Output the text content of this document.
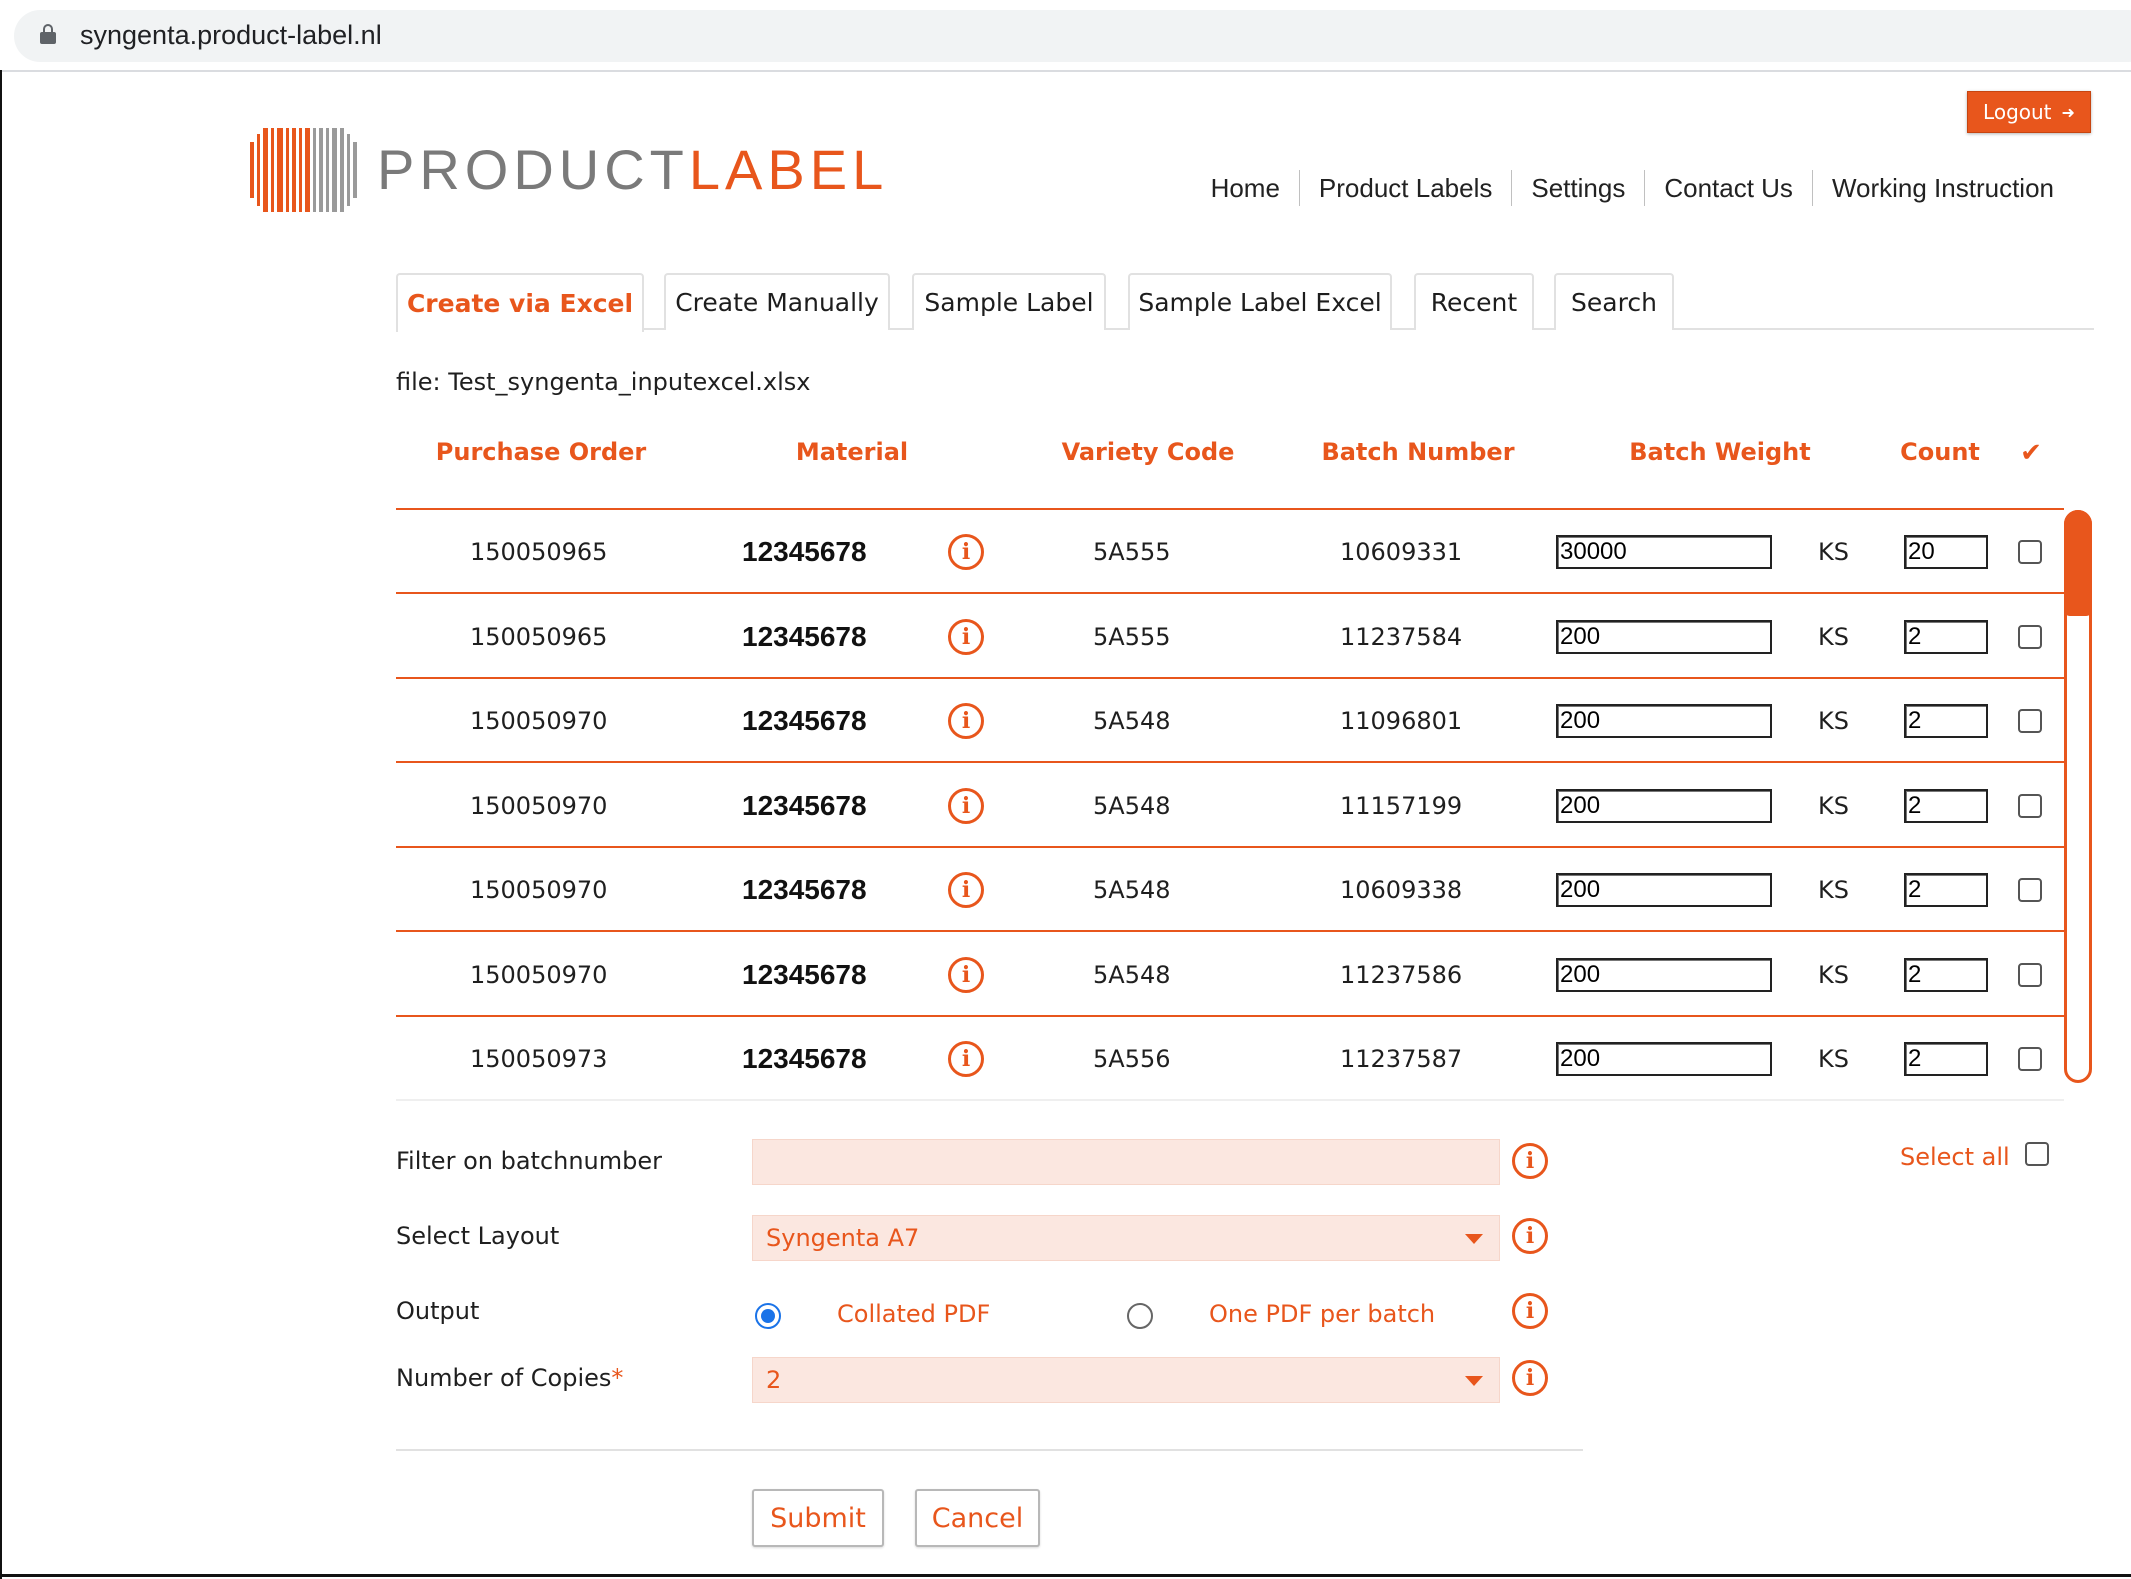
syngenta.product-label.nl
Logout ➜
PRODUCTLABEL	Home	Product Labels	Settings	Contact Us	Working Instruction
Create via Excel	Create Manually	Sample Label	Sample Label Excel	Recent	Search
file: Test_syngenta_inputexcel.xlsx
Purchase Order	Material	Variety Code	Batch Number	Batch Weight	Count	✔
150050965	12345678	i	5A555	10609331	30000	KS 20
150050965	12345678	i	5A555	11237584	200	KS 2
150050970	12345678	i	5A548	11096801	200	KS 2
150050970	12345678	i	5A548	11157199	200	KS 2
150050970	12345678	i	5A548	10609338	200	KS 2
150050970	12345678	i	5A548	11237586	200	KS 2
150050973	12345678	i	5A556	11237587	200	KS 2
Filter on batchnumber	i	Select all
Select Layout	Syngenta A7	i
Output	Collated PDF	One PDF per batch	i
Number of Copies*	2	i
Submit	Cancel
